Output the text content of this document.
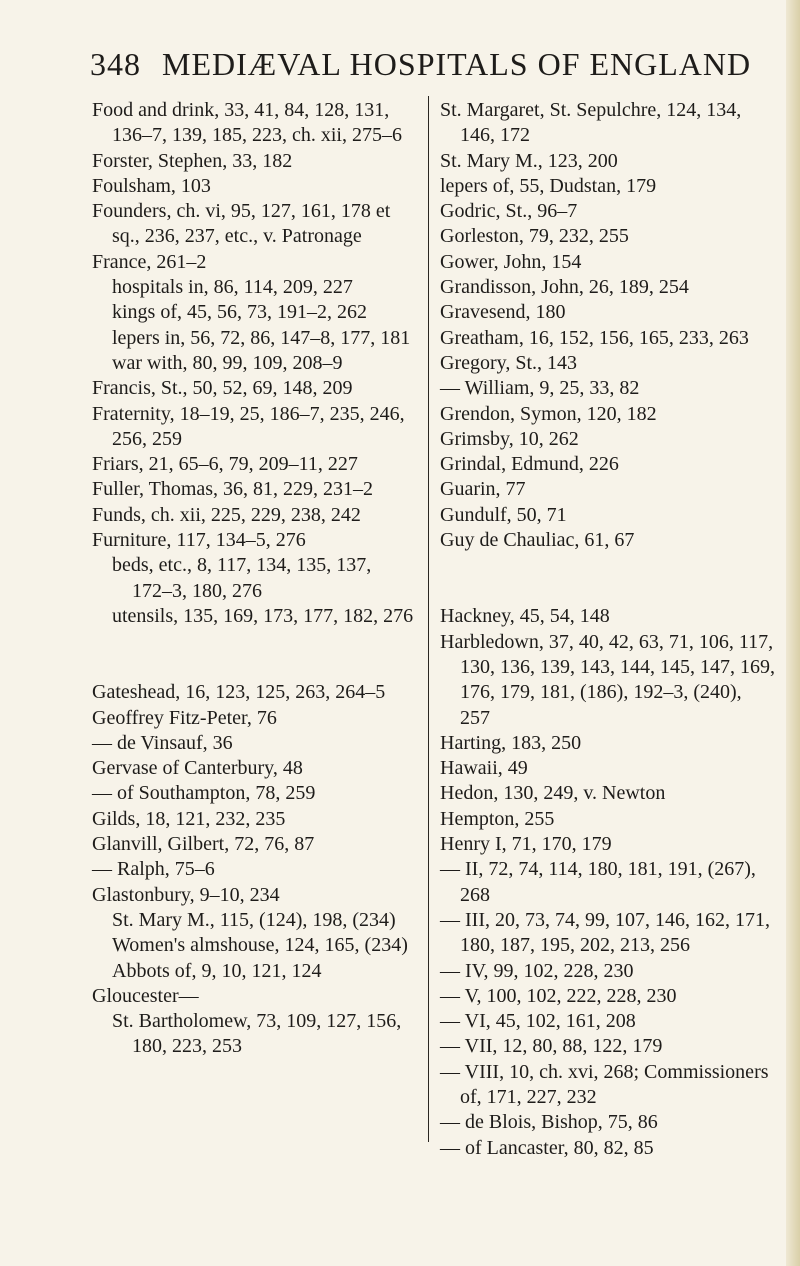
348 MEDIÆVAL HOSPITALS OF ENGLAND
Food and drink, 33, 41, 84, 128, 131, 136–7, 139, 185, 223, ch. xii, 275–6
Forster, Stephen, 33, 182
Foulsham, 103
Founders, ch. vi, 95, 127, 161, 178 et sq., 236, 237, etc., v. Patronage
France, 261–2
hospitals in, 86, 114, 209, 227
kings of, 45, 56, 73, 191–2, 262
lepers in, 56, 72, 86, 147–8, 177, 181
war with, 80, 99, 109, 208–9
Francis, St., 50, 52, 69, 148, 209
Fraternity, 18–19, 25, 186–7, 235, 246, 256, 259
Friars, 21, 65–6, 79, 209–11, 227
Fuller, Thomas, 36, 81, 229, 231–2
Funds, ch. xii, 225, 229, 238, 242
Furniture, 117, 134–5, 276
beds, etc., 8, 117, 134, 135, 137, 172–3, 180, 276
utensils, 135, 169, 173, 177, 182, 276
Gateshead, 16, 123, 125, 263, 264–5
Geoffrey Fitz-Peter, 76
— de Vinsauf, 36
Gervase of Canterbury, 48
— of Southampton, 78, 259
Gilds, 18, 121, 232, 235
Glanvill, Gilbert, 72, 76, 87
— Ralph, 75–6
Glastonbury, 9–10, 234
St. Mary M., 115, (124), 198, (234)
Women's almshouse, 124, 165, (234)
Abbots of, 9, 10, 121, 124
Gloucester—
St. Bartholomew, 73, 109, 127, 156, 180, 223, 253
St. Margaret, St. Sepulchre, 124, 134, 146, 172
St. Mary M., 123, 200
lepers of, 55, Dudstan, 179
Godric, St., 96–7
Gorleston, 79, 232, 255
Gower, John, 154
Grandisson, John, 26, 189, 254
Gravesend, 180
Greatham, 16, 152, 156, 165, 233, 263
Gregory, St., 143
— William, 9, 25, 33, 82
Grendon, Symon, 120, 182
Grimsby, 10, 262
Grindal, Edmund, 226
Guarin, 77
Gundulf, 50, 71
Guy de Chauliac, 61, 67
Hackney, 45, 54, 148
Harbledown, 37, 40, 42, 63, 71, 106, 117, 130, 136, 139, 143, 144, 145, 147, 169, 176, 179, 181, (186), 192–3, (240), 257
Harting, 183, 250
Hawaii, 49
Hedon, 130, 249, v. Newton
Hempton, 255
Henry I, 71, 170, 179
— II, 72, 74, 114, 180, 181, 191, (267), 268
— III, 20, 73, 74, 99, 107, 146, 162, 171, 180, 187, 195, 202, 213, 256
— IV, 99, 102, 228, 230
— V, 100, 102, 222, 228, 230
— VI, 45, 102, 161, 208
— VII, 12, 80, 88, 122, 179
— VIII, 10, ch. xvi, 268; Commissioners of, 171, 227, 232
— de Blois, Bishop, 75, 86
— of Lancaster, 80, 82, 85
